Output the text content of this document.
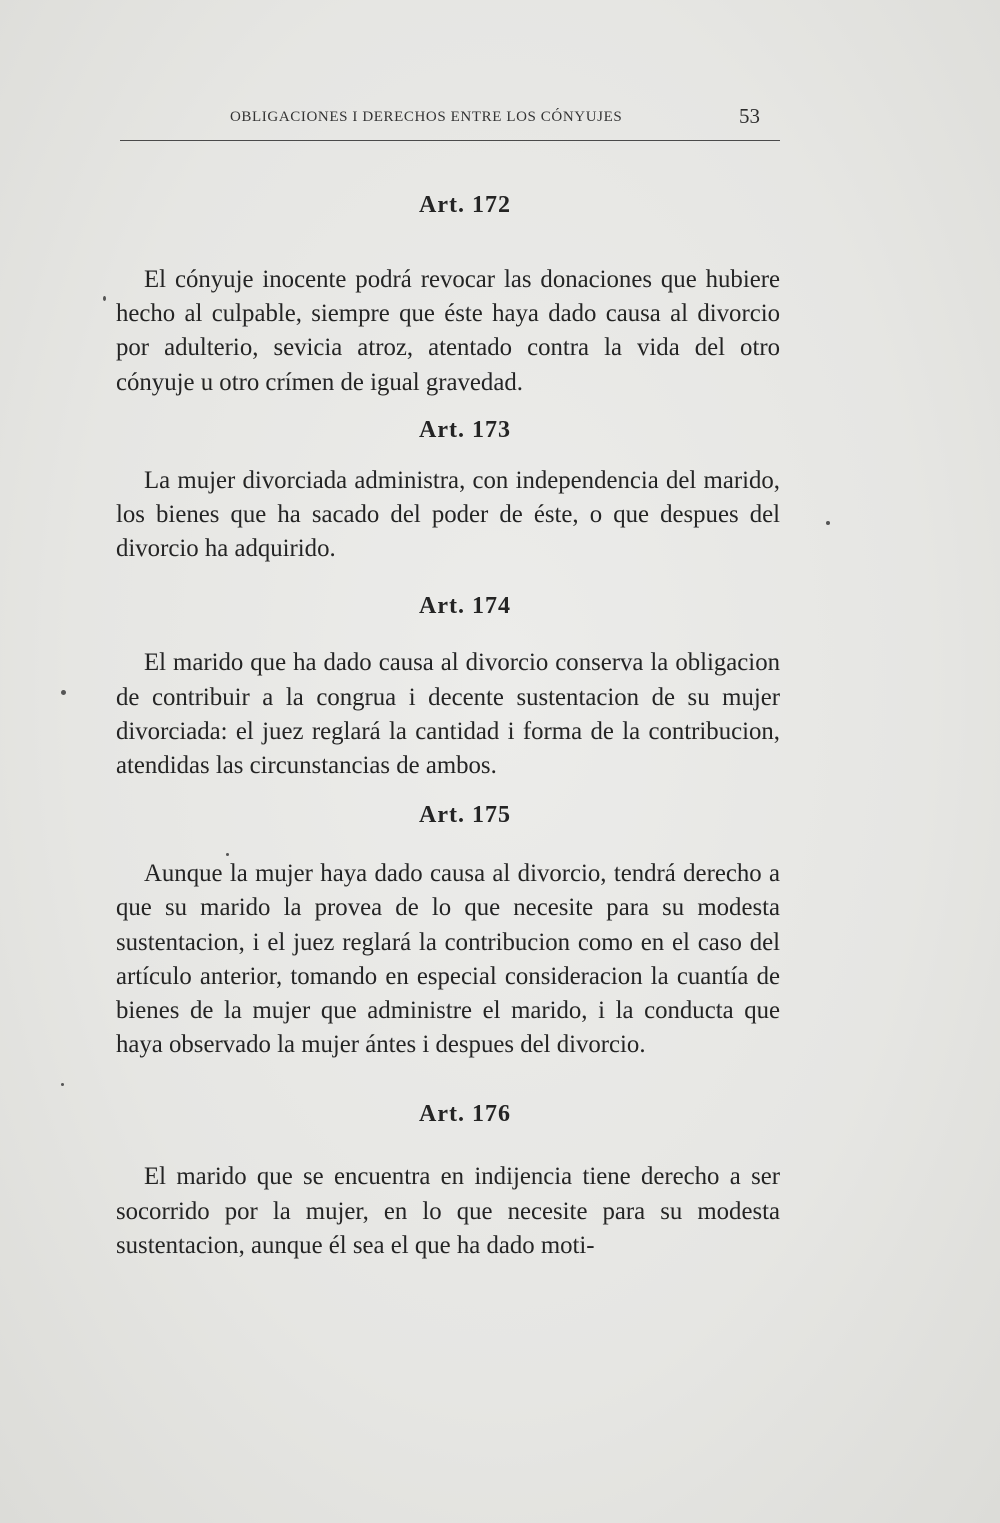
OBLIGACIONES I DERECHOS ENTRE LOS CÓNYUJES	53
Art. 172

El cónyuje inocente podrá revocar las donaciones que hubiere hecho al culpable, siempre que éste haya dado causa al divorcio por adulterio, sevicia atroz, atentado contra la vida del otro cónyuje u otro crímen de igual gravedad.

Art. 173

La mujer divorciada administra, con independencia del marido, los bienes que ha sacado del poder de éste, o que despues del divorcio ha adquirido.

Art. 174

El marido que ha dado causa al divorcio conserva la obligacion de contribuir a la congrua i decente sustentacion de su mujer divorciada: el juez reglará la cantidad i forma de la contribucion, atendidas las circunstancias de ambos.

Art. 175

Aunque la mujer haya dado causa al divorcio, tendrá derecho a que su marido la provea de lo que necesite para su modesta sustentacion, i el juez reglará la contribucion como en el caso del artículo anterior, tomando en especial consideracion la cuantía de bienes de la mujer que administre el marido, i la conducta que haya observado la mujer ántes i despues del divorcio.

Art. 176

El marido que se encuentra en indijencia tiene derecho a ser socorrido por la mujer, en lo que necesite para su modesta sustentacion, aunque él sea el que ha dado moti-
